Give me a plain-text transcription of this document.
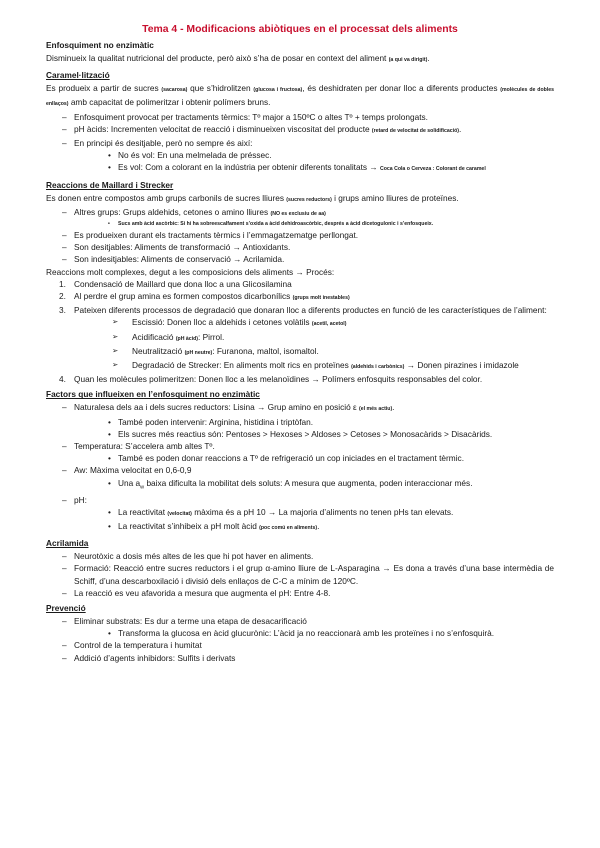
Tema 4 - Modificacions abiòtiques en el processat dels aliments
Enfosquiment no enzimàtic

Disminueix la qualitat nutricional del producte, però això s’ha de posar en context del aliment (a qui va dirigit).

Caramel·lització

Es produeix a partir de sucres (sacarosa) que s’hidrolitzen (glucosa i fructosa), és deshidraten per donar lloc a diferents productes (molècules de dobles enllaços) amb capacitat de polimeritzar i obtenir polímers bruns.

– Enfosquiment provocat per tractaments tèrmics: Tº major a 150ºC o altes Tº + temps prolongats.
– pH àcids: Incrementen velocitat de reacció i disminueixen viscositat del producte (retard de velocitat de solidificació).
– En principi és desitjable, però no sempre és així:
• No és vol: En una melmelada de préssec.
• Es vol: Com a colorant en la indústria per obtenir diferents tonalitats → Coca Cola o Cerveza : Colorant de caramel
Reaccions de Maillard i Strecker

Es donen entre compostos amb grups carbonils de sucres lliures (sucres reductors) i grups amino lliures de proteïnes.

– Altres grups: Grups aldehids, cetones o amino lliures (NO es exclusiu de aa)
• Sucs amb àcid ascòrbic: Si hi ha sobreescalfament s’oxida a àcid dehidroascòrbic, després a àcid dicetogulonic i s’enfosqueix.
– Es produeixen durant els tractaments tèrmics i l’emmagatzematge perllongat.
– Son desitjables: Aliments de transformació → Antioxidants.
– Son indesitjables: Aliments de conservació → Acrilamida.

Reaccions molt complexes, degut a les composicions dels aliments → Procés:

1. Condensació de Maillard que dona lloc a una Glicosilamina
2. Al perdre el grup amina es formen compostos dicarbonílics (grups molt inestables)
3. Pateixen diferents processos de degradació que donaran lloc a diferents productes en funció de les característiques de l’aliment:
➢ Escissió: Donen lloc a aldehids i cetones volàtils (acetil, acetol)
➢ Acidificació (pH àcid): Pirrol.
➢ Neutralització (pH neutre): Furanona, maltol, isomaltol.
➢ Degradació de Strecker: En aliments molt rics en proteïnes (aldehids i carbònics) → Donen pirazines i imidazole
4. Quan les molècules polimeritzen: Donen lloc a les melanoïdines → Polímers enfosquits responsables del color.
Factors que influeixen en l’enfosquiment no enzimàtic
– Naturalesa dels aa i dels sucres reductors: Lisina → Grup amino en posició ε (el més actiu).
• També poden intervenir: Arginina, histidina i triptòfan.
• Els sucres més reactius són: Pentoses > Hexoses > Aldoses > Cetoses > Monosacàrids > Disacàrids.
– Temperatura: S’accelera amb altes Tº.
• També es poden donar reaccions a Tº de refrigeració un cop iniciades en el tractament tèrmic.
– Aw: Màxima velocitat en 0,6-0,9
• Una $a_w$ baixa dificulta la mobilitat dels soluts: A mesura que augmenta, poden interaccionar més.
– pH:
• La reactivitat (velocitat) màxima és a pH 10 → La majoria d’aliments no tenen pHs tan elevats.
• La reactivitat s’inhibeix a pH molt àcid (poc comú en aliments).
Acrilamida
– Neurotòxic a dosis més altes de les que hi pot haver en aliments.
– Formació: Reacció entre sucres reductors i el grup α-amino lliure de L-Asparagina → Es dona a través d’una base intermèdia de Schiff, d’una descarboxilació i divisió dels enllaços de C-C a mínim de 120ºC.
– La reacció es veu afavorida a mesura que augmenta el pH: Entre 4-8.
Prevenció
– Eliminar substrats: Es dur a terme una etapa de desacarificació
• Transforma la glucosa en àcid glucurònic: L’àcid ja no reaccionarà amb les proteïnes i no s’enfosquirà.
– Control de la temperatura i humitat
– Addició d’agents inhibidors: Sulfits i derivats
